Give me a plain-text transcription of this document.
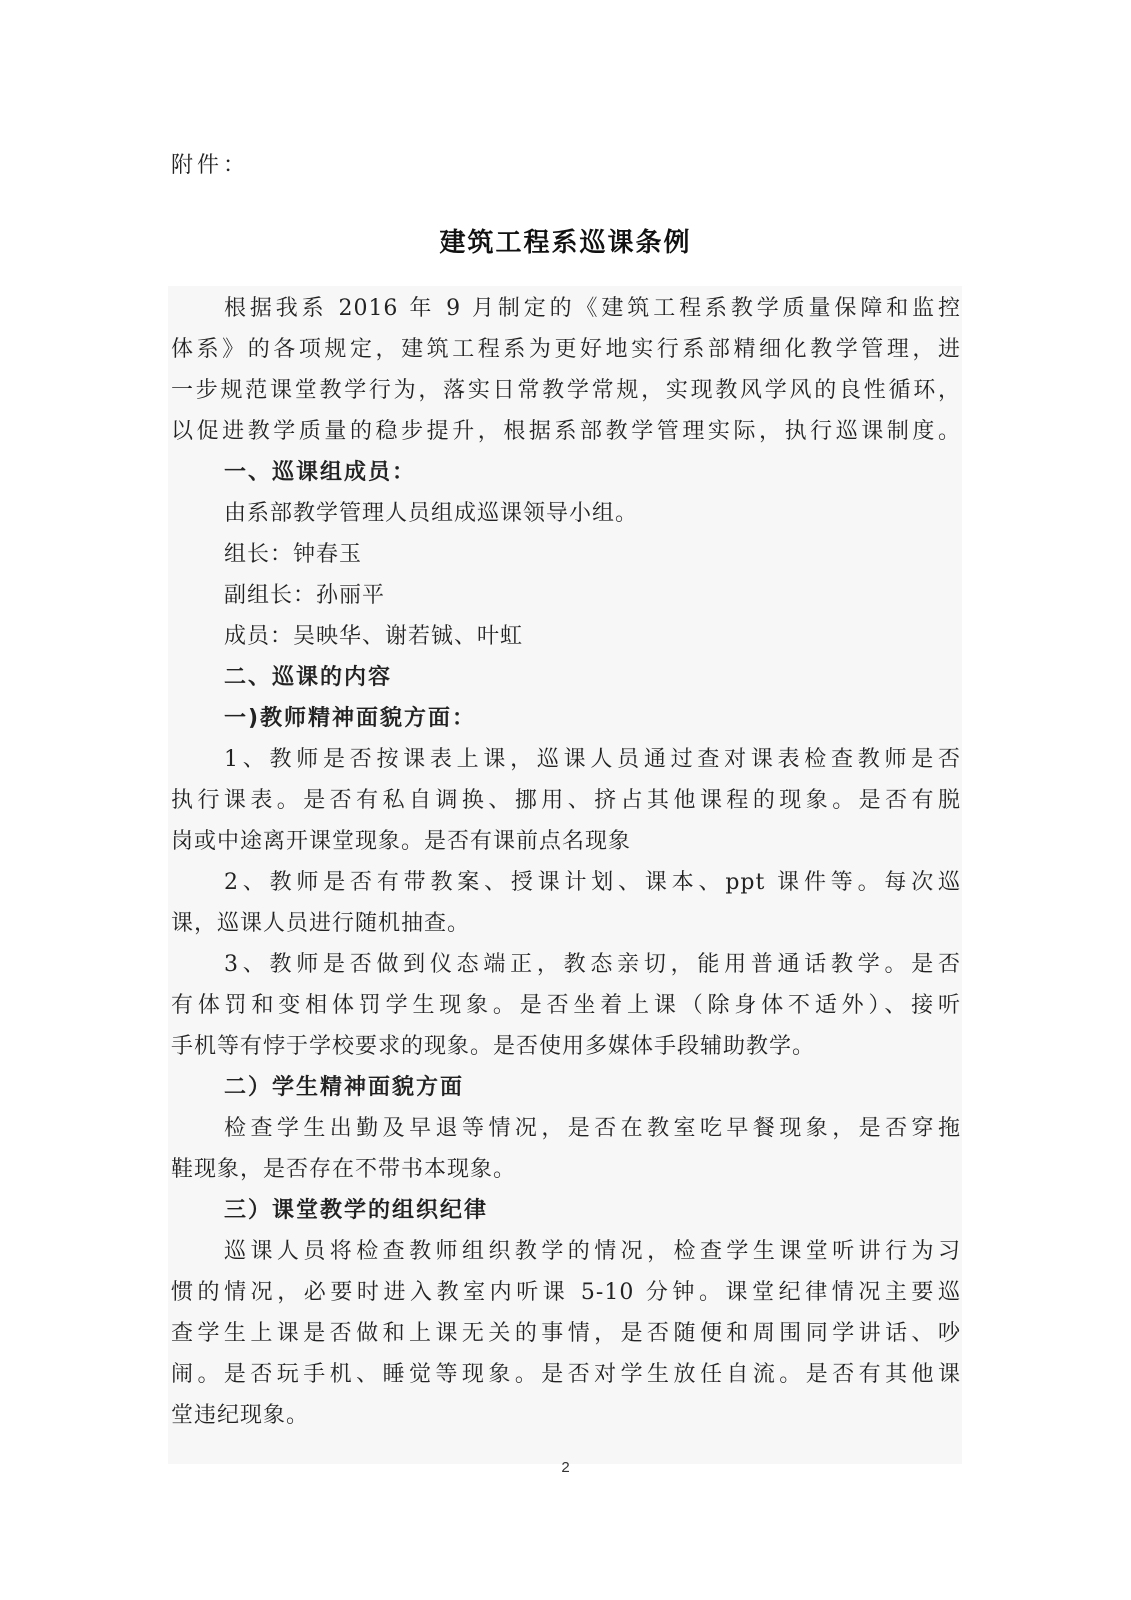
附件：
建筑工程系巡课条例
根据我系 2016 年 9 月制定的《建筑工程系教学质量保障和监控
体系》的各项规定，建筑工程系为更好地实行系部精细化教学管理，进
一步规范课堂教学行为，落实日常教学常规，实现教风学风的良性循环，
以促进教学质量的稳步提升，根据系部教学管理实际，执行巡课制度。
一、巡课组成员：
由系部教学管理人员组成巡课领导小组。
组长：钟春玉
副组长：孙丽平
成员：吴映华、谢若铖、叶虹
二、巡课的内容
一)教师精神面貌方面：
1、教师是否按课表上课，巡课人员通过查对课表检查教师是否
执行课表。是否有私自调换、挪用、挤占其他课程的现象。是否有脱
岗或中途离开课堂现象。是否有课前点名现象
2、教师是否有带教案、授课计划、课本、ppt 课件等。每次巡
课，巡课人员进行随机抽查。
3、教师是否做到仪态端正，教态亲切，能用普通话教学。是否
有体罚和变相体罚学生现象。是否坐着上课（除身体不适外）、接听
手机等有悖于学校要求的现象。是否使用多媒体手段辅助教学。
二）学生精神面貌方面
检查学生出勤及早退等情况，是否在教室吃早餐现象，是否穿拖
鞋现象，是否存在不带书本现象。
三）课堂教学的组织纪律
巡课人员将检查教师组织教学的情况，检查学生课堂听讲行为习
惯的情况，必要时进入教室内听课 5-10 分钟。课堂纪律情况主要巡
查学生上课是否做和上课无关的事情，是否随便和周围同学讲话、吵
闹。是否玩手机、睡觉等现象。是否对学生放任自流。是否有其他课
堂违纪现象。
2
